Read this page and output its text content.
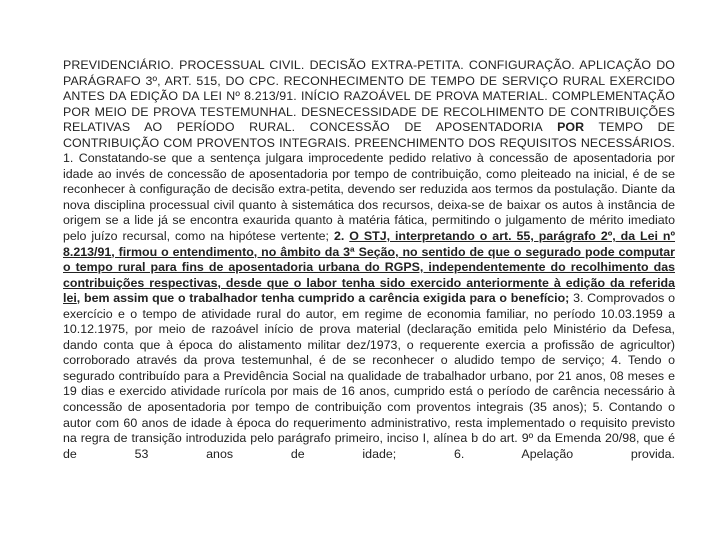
PREVIDENCIÁRIO. PROCESSUAL CIVIL. DECISÃO EXTRA-PETITA. CONFIGURAÇÃO. APLICAÇÃO DO PARÁGRAFO 3º, ART. 515, DO CPC. RECONHECIMENTO DE TEMPO DE SERVIÇO RURAL EXERCIDO ANTES DA EDIÇÃO DA LEI Nº 8.213/91. INÍCIO RAZOÁVEL DE PROVA MATERIAL. COMPLEMENTAÇÃO POR MEIO DE PROVA TESTEMUNHAL. DESNECESSIDADE DE RECOLHIMENTO DE CONTRIBUIÇÕES RELATIVAS AO PERÍODO RURAL. CONCESSÃO DE APOSENTADORIA POR TEMPO DE CONTRIBUIÇÃO COM PROVENTOS INTEGRAIS. PREENCHIMENTO DOS REQUISITOS NECESSÁRIOS. 1. Constatando-se que a sentença julgara improcedente pedido relativo à concessão de aposentadoria por idade ao invés de concessão de aposentadoria por tempo de contribuição, como pleiteado na inicial, é de se reconhecer à configuração de decisão extra-petita, devendo ser reduzida aos termos da postulação. Diante da nova disciplina processual civil quanto à sistemática dos recursos, deixa-se de baixar os autos à instância de origem se a lide já se encontra exaurida quanto à matéria fática, permitindo o julgamento de mérito imediato pelo juízo recursal, como na hipótese vertente; 2. O STJ, interpretando o art. 55, parágrafo 2º, da Lei nº 8.213/91, firmou o entendimento, no âmbito da 3ª Seção, no sentido de que o segurado pode computar o tempo rural para fins de aposentadoria urbana do RGPS, independentemente do recolhimento das contribuições respectivas, desde que o labor tenha sido exercido anteriormente à edição da referida lei, bem assim que o trabalhador tenha cumprido a carência exigida para o benefício; 3. Comprovados o exercício e o tempo de atividade rural do autor, em regime de economia familiar, no período 10.03.1959 a 10.12.1975, por meio de razoável início de prova material (declaração emitida pelo Ministério da Defesa, dando conta que à época do alistamento militar dez/1973, o requerente exercia a profissão de agricultor) corroborado através da prova testemunhal, é de se reconhecer o aludido tempo de serviço; 4. Tendo o segurado contribuído para a Previdência Social na qualidade de trabalhador urbano, por 21 anos, 08 meses e 19 dias e exercido atividade rurícola por mais de 16 anos, cumprido está o período de carência necessário à concessão de aposentadoria por tempo de contribuição com proventos integrais (35 anos); 5. Contando o autor com 60 anos de idade à época do requerimento administrativo, resta implementado o requisito previsto na regra de transição introduzida pelo parágrafo primeiro, inciso I, alínea b do art. 9º da Emenda 20/98, que é de 53 anos de idade; 6. Apelação provida.
